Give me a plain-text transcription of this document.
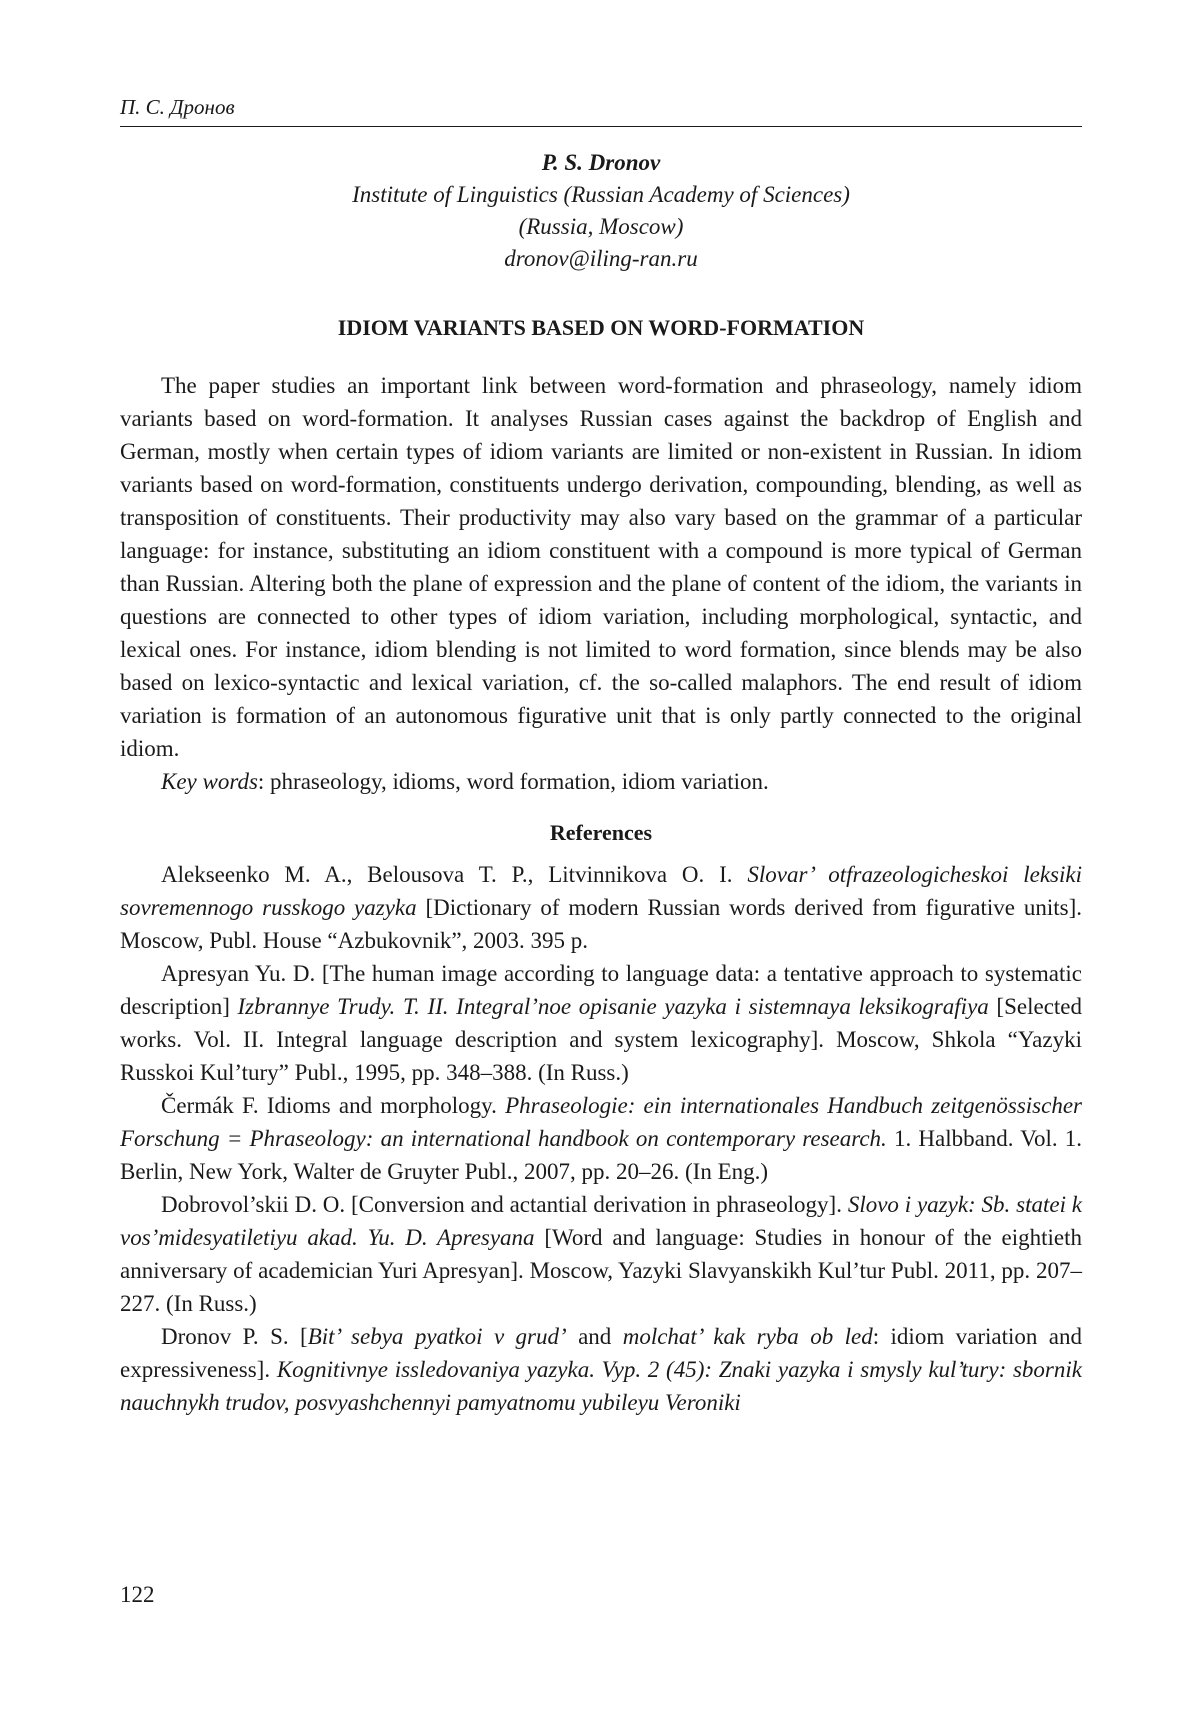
П. С. Дронов
P. S. Dronov
Institute of Linguistics (Russian Academy of Sciences)
(Russia, Moscow)
dronov@iling-ran.ru
IDIOM VARIANTS BASED ON WORD-FORMATION

The paper studies an important link between word-formation and phraseology, namely idiom variants based on word-formation. It analyses Russian cases against the backdrop of English and German, mostly when certain types of idiom variants are limited or non-existent in Russian. In idiom variants based on word-formation, constituents undergo derivation, compounding, blending, as well as transposition of constituents. Their productivity may also vary based on the grammar of a particular language: for instance, substituting an idiom constituent with a compound is more typical of German than Russian. Altering both the plane of expression and the plane of content of the idiom, the variants in questions are connected to other types of idiom variation, including morphological, syntactic, and lexical ones. For instance, idiom blending is not limited to word formation, since blends may be also based on lexico-syntactic and lexical variation, cf. the so-called malaphors. The end result of idiom variation is formation of an autonomous figurative unit that is only partly connected to the original idiom.

Key words: phraseology, idioms, word formation, idiom variation.

References

Alekseenko M. A., Belousova T. P., Litvinnikova O. I. Slovar’ otfrazeologicheskoi leksiki sovremennogo russkogo yazyka [Dictionary of modern Russian words derived from figurative units]. Moscow, Publ. House “Azbukovnik”, 2003. 395 p.

Apresyan Yu. D. [The human image according to language data: a tentative approach to systematic description] Izbrannye Trudy. T. II. Integral’noe opisanie yazyka i sistemnaya leksikografiya [Selected works. Vol. II. Integral language description and system lexicography]. Moscow, Shkola “Yazyki Russkoi Kul’tury” Publ., 1995, pp. 348–388. (In Russ.)

Čermák F. Idioms and morphology. Phraseologie: ein internationales Handbuch zeitgenössischer Forschung = Phraseology: an international handbook on contemporary research. 1. Halbband. Vol. 1. Berlin, New York, Walter de Gruyter Publ., 2007, pp. 20–26. (In Eng.)

Dobrovol’skii D. O. [Conversion and actantial derivation in phraseology]. Slovo i yazyk: Sb. statei k vos’midesyatiletiyu akad. Yu. D. Apresyana [Word and language: Studies in honour of the eightieth anniversary of academician Yuri Apresyan]. Moscow, Yazyki Slavyanskikh Kul’tur Publ. 2011, pp. 207–227. (In Russ.)

Dronov P. S. [Bit’ sebya pyatkoi v grud’ and molchat’ kak ryba ob led: idiom variation and expressiveness]. Kognitivnye issledovaniya yazyka. Vyp. 2 (45): Znaki yazyka i smysly kul’tury: sbornik nauchnykh trudov, posvyashchennyi pamyatnomu yubileyu Veroniki

122
